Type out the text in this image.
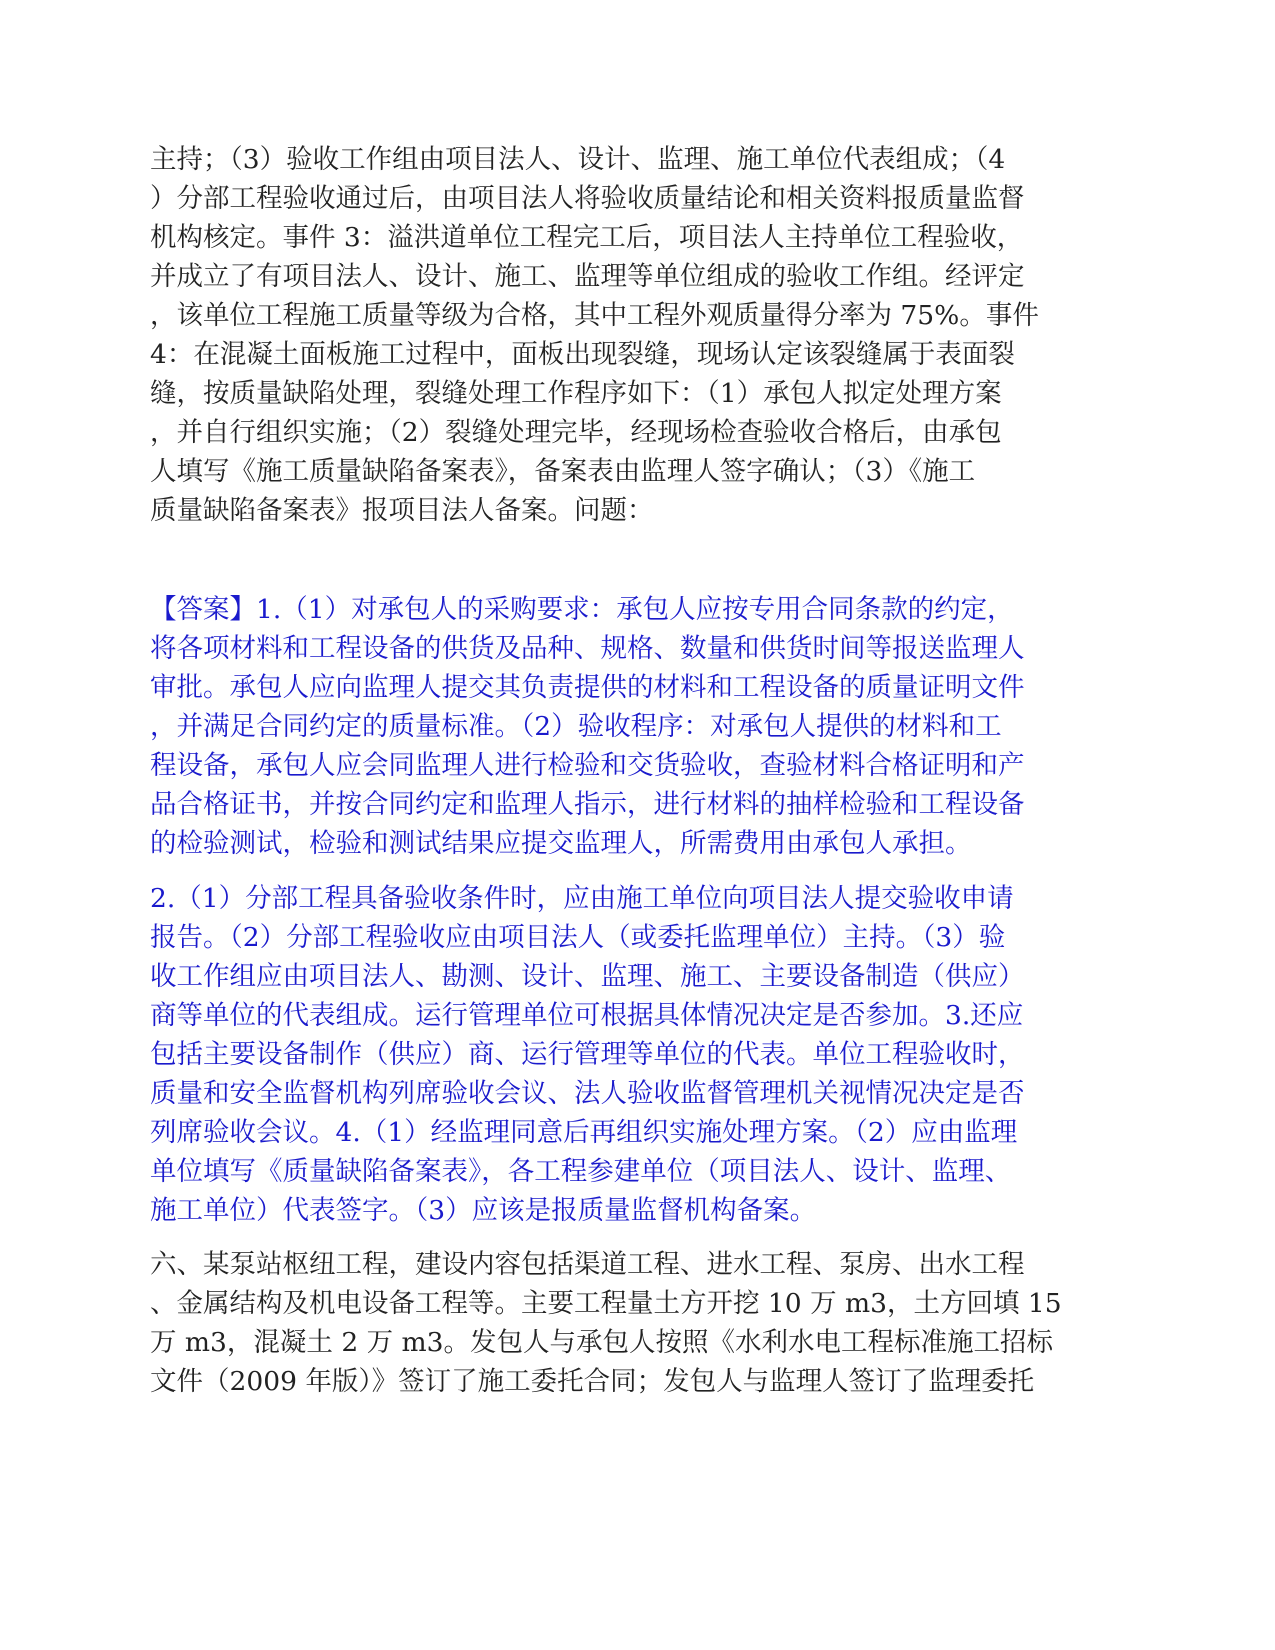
主持；（3）验收工作组由项目法人、设计、监理、施工单位代表组成；（4
）分部工程验收通过后，由项目法人将验收质量结论和相关资料报质量监督
机构核定。事件 3：溢洪道单位工程完工后，项目法人主持单位工程验收，
并成立了有项目法人、设计、施工、监理等单位组成的验收工作组。经评定
，该单位工程施工质量等级为合格，其中工程外观质量得分率为 75%。事件
4：在混凝土面板施工过程中，面板出现裂缝，现场认定该裂缝属于表面裂
缝，按质量缺陷处理，裂缝处理工作程序如下：（1）承包人拟定处理方案
，并自行组织实施；（2）裂缝处理完毕，经现场检查验收合格后，由承包
人填写《施工质量缺陷备案表》，备案表由监理人签字确认；（3）《施工
质量缺陷备案表》报项目法人备案。问题：
【答案】1.（1）对承包人的采购要求：承包人应按专用合同条款的约定，
将各项材料和工程设备的供货及品种、规格、数量和供货时间等报送监理人
审批。承包人应向监理人提交其负责提供的材料和工程设备的质量证明文件
，并满足合同约定的质量标准。（2）验收程序：对承包人提供的材料和工
程设备，承包人应会同监理人进行检验和交货验收，查验材料合格证明和产
品合格证书，并按合同约定和监理人指示，进行材料的抽样检验和工程设备
的检验测试，检验和测试结果应提交监理人，所需费用由承包人承担。
2.（1）分部工程具备验收条件时，应由施工单位向项目法人提交验收申请
报告。（2）分部工程验收应由项目法人（或委托监理单位）主持。（3）验
收工作组应由项目法人、勘测、设计、监理、施工、主要设备制造（供应）
商等单位的代表组成。运行管理单位可根据具体情况决定是否参加。3.还应
包括主要设备制作（供应）商、运行管理等单位的代表。单位工程验收时，
质量和安全监督机构列席验收会议、法人验收监督管理机关视情况决定是否
列席验收会议。4.（1）经监理同意后再组织实施处理方案。（2）应由监理
单位填写《质量缺陷备案表》，各工程参建单位（项目法人、设计、监理、
施工单位）代表签字。（3）应该是报质量监督机构备案。
六、某泵站枢纽工程，建设内容包括渠道工程、进水工程、泵房、出水工程
、金属结构及机电设备工程等。主要工程量土方开挖 10 万 m3，土方回填 15
万 m3，混凝土 2 万 m3。发包人与承包人按照《水利水电工程标准施工招标
文件（2009 年版）》签订了施工委托合同；发包人与监理人签订了监理委托
